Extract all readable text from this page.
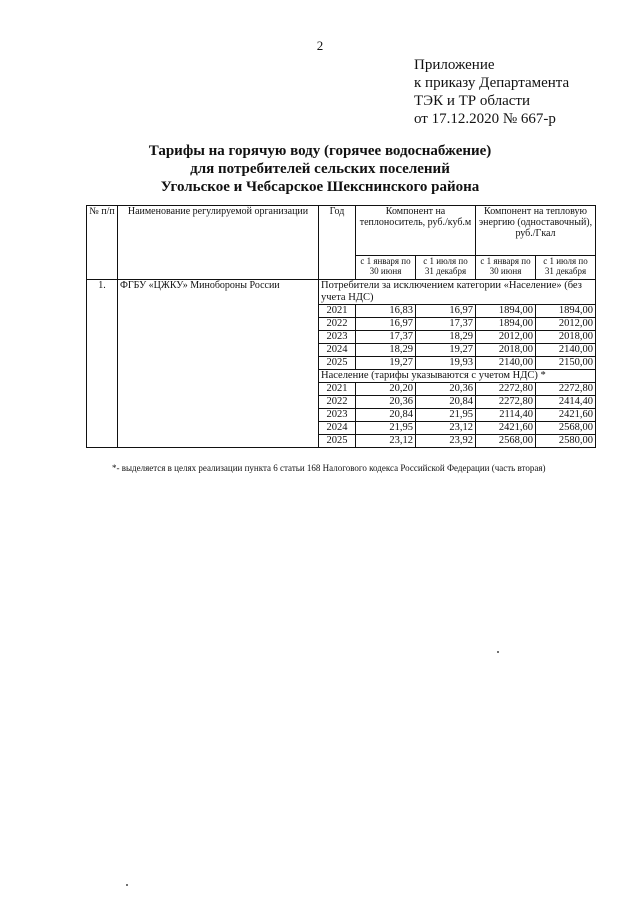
2
Приложение
к приказу Департамента
ТЭК и ТР области
от 17.12.2020 № 667-р
Тарифы на горячую воду (горячее водоснабжение)
для потребителей сельских поселений
Угольское и Чебсарское Шекснинского района
№ п/п	Наименование регулируемой организации	Год	Компонент на теплоноситель, руб./куб.м		Компонент на тепловую энергию (одноставочный), руб./Гкал	
			с 1 января по 30 июня	с 1 июля по 31 декабря	с 1 января по 30 июня	с 1 июля по 31 декабря
1.	ФГБУ «ЦЖКУ» Минобороны России	Потребители за исключением категории «Население» (без учета НДС)				
		2021	16,83	16,97	1894,00	1894,00
		2022	16,97	17,37	1894,00	2012,00
		2023	17,37	18,29	2012,00	2018,00
		2024	18,29	19,27	2018,00	2140,00
		2025	19,27	19,93	2140,00	2150,00
		Население (тарифы указываются с учетом НДС) *				
		2021	20,20	20,36	2272,80	2272,80
		2022	20,36	20,84	2272,80	2414,40
		2023	20,84	21,95	2114,40	2421,60
		2024	21,95	23,12	2421,60	2568,00
		2025	23,12	23,92	2568,00	2580,00
*- выделяется в целях реализации пункта 6 статьи 168 Налогового кодекса Российской Федерации (часть вторая)
